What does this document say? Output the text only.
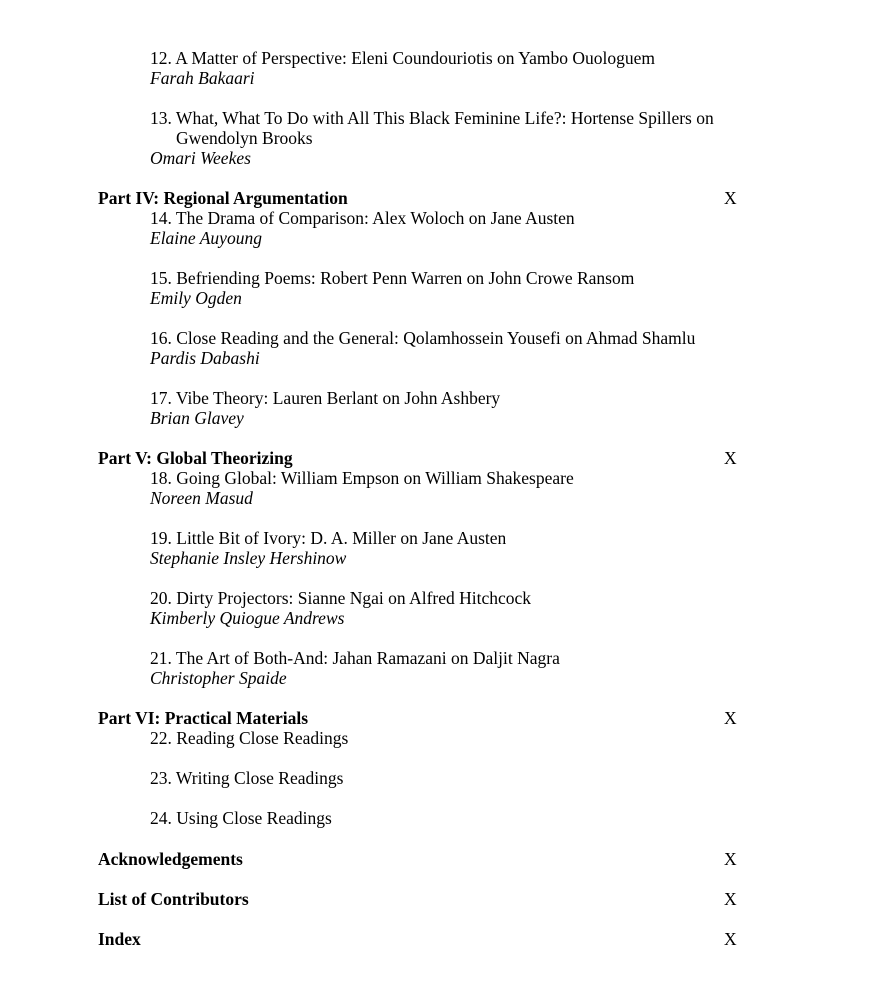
12. A Matter of Perspective: Eleni Coundouriotis on Yambo Ouologuem
Farah Bakaari
13. What, What To Do with All This Black Feminine Life?: Hortense Spillers on
Gwendolyn Brooks
Omari Weekes
Part IV: Regional Argumentation	X
14. The Drama of Comparison: Alex Woloch on Jane Austen
Elaine Auyoung
15. Befriending Poems: Robert Penn Warren on John Crowe Ransom
Emily Ogden
16. Close Reading and the General: Qolamhossein Yousefi on Ahmad Shamlu
Pardis Dabashi
17. Vibe Theory: Lauren Berlant on John Ashbery
Brian Glavey
Part V: Global Theorizing	X
18. Going Global: William Empson on William Shakespeare
Noreen Masud
19. Little Bit of Ivory: D. A. Miller on Jane Austen
Stephanie Insley Hershinow
20. Dirty Projectors: Sianne Ngai on Alfred Hitchcock
Kimberly Quiogue Andrews
21. The Art of Both-And: Jahan Ramazani on Daljit Nagra
Christopher Spaide
Part VI: Practical Materials	X
22. Reading Close Readings
23. Writing Close Readings
24. Using Close Readings
Acknowledgements	X
List of Contributors	X
Index	X
